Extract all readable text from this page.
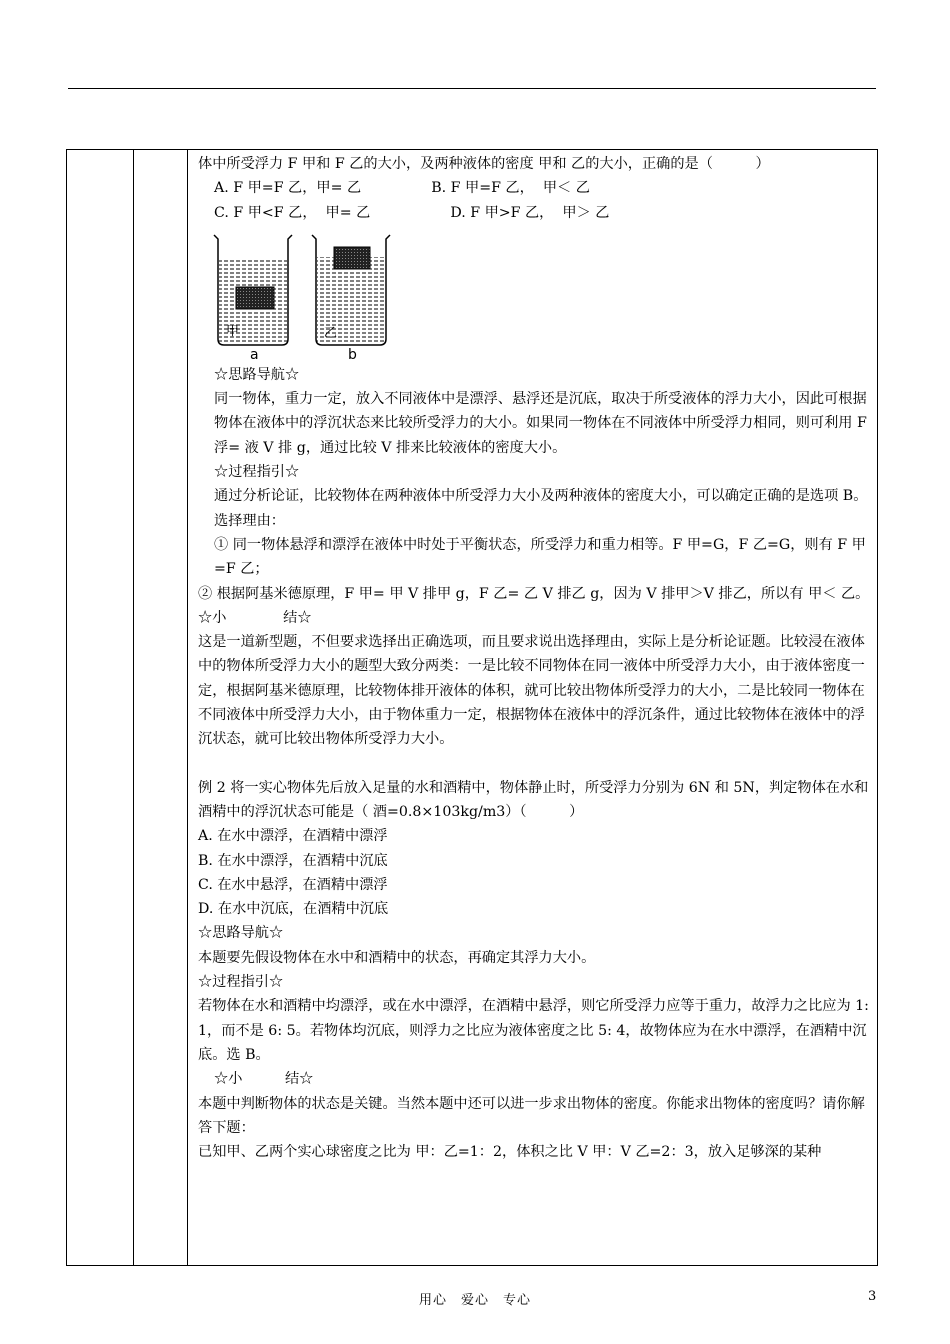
体中所受浮力 F 甲和 F 乙的大小，及两种液体的密度 甲和 乙的大小，正确的是（　　　）

A. F 甲=F 乙，甲= 乙	B. F 甲=F 乙，  甲＜ 乙

C. F 甲<F 乙，  甲= 乙	D. F 甲>F 乙，  甲＞ 乙

甲
a
乙
b

☆思路导航☆

同一物体，重力一定，放入不同液体中是漂浮、悬浮还是沉底，取决于所受液体的浮力大小，因此可根据物体在液体中的浮沉状态来比较所受浮力的大小。如果同一物体在不同液体中所受浮力相同，则可利用 F 浮= 液 V 排 g，通过比较 V 排来比较液体的密度大小。

☆过程指引☆

通过分析论证，比较物体在两种液体中所受浮力大小及两种液体的密度大小，可以确定正确的是选项 B。

选择理由：

① 同一物体悬浮和漂浮在液体中时处于平衡状态，所受浮力和重力相等。F 甲=G，F 乙=G，则有 F 甲=F 乙；

② 根据阿基米德原理，F 甲= 甲 V 排甲 g，F 乙= 乙 V 排乙 g，因为 V 排甲＞V 排乙，所以有 甲＜ 乙。

☆小　　　　结☆

这是一道新型题，不但要求选择出正确选项，而且要求说出选择理由，实际上是分析论证题。比较浸在液体中的物体所受浮力大小的题型大致分两类：一是比较不同物体在同一液体中所受浮力大小，由于液体密度一定，根据阿基米德原理，比较物体排开液体的体积，就可比较出物体所受浮力的大小，二是比较同一物体在不同液体中所受浮力大小，由于物体重力一定，根据物体在液体中的浮沉条件，通过比较物体在液体中的浮沉状态，就可比较出物体所受浮力大小。

例 2 将一实心物体先后放入足量的水和酒精中，物体静止时，所受浮力分别为 6N 和 5N，判定物体在水和酒精中的浮沉状态可能是（ 酒=0.8×103kg/m3）（　　　）

A. 在水中漂浮，在酒精中漂浮

B. 在水中漂浮，在酒精中沉底

C. 在水中悬浮，在酒精中漂浮

D. 在水中沉底，在酒精中沉底

☆思路导航☆

本题要先假设物体在水中和酒精中的状态，再确定其浮力大小。

☆过程指引☆

若物体在水和酒精中均漂浮，或在水中漂浮，在酒精中悬浮，则它所受浮力应等于重力，故浮力之比应为 1: 1，而不是 6: 5。若物体均沉底，则浮力之比应为液体密度之比 5: 4，故物体应为在水中漂浮，在酒精中沉底。选 B。

☆小　　　结☆

本题中判断物体的状态是关键。当然本题中还可以进一步求出物体的密度。你能求出物体的密度吗？请你解答下题：

已知甲、乙两个实心球密度之比为 甲：乙=1：2，体积之比 V 甲：V 乙=2：3，放入足够深的某种

用心　爱心　专心	3
